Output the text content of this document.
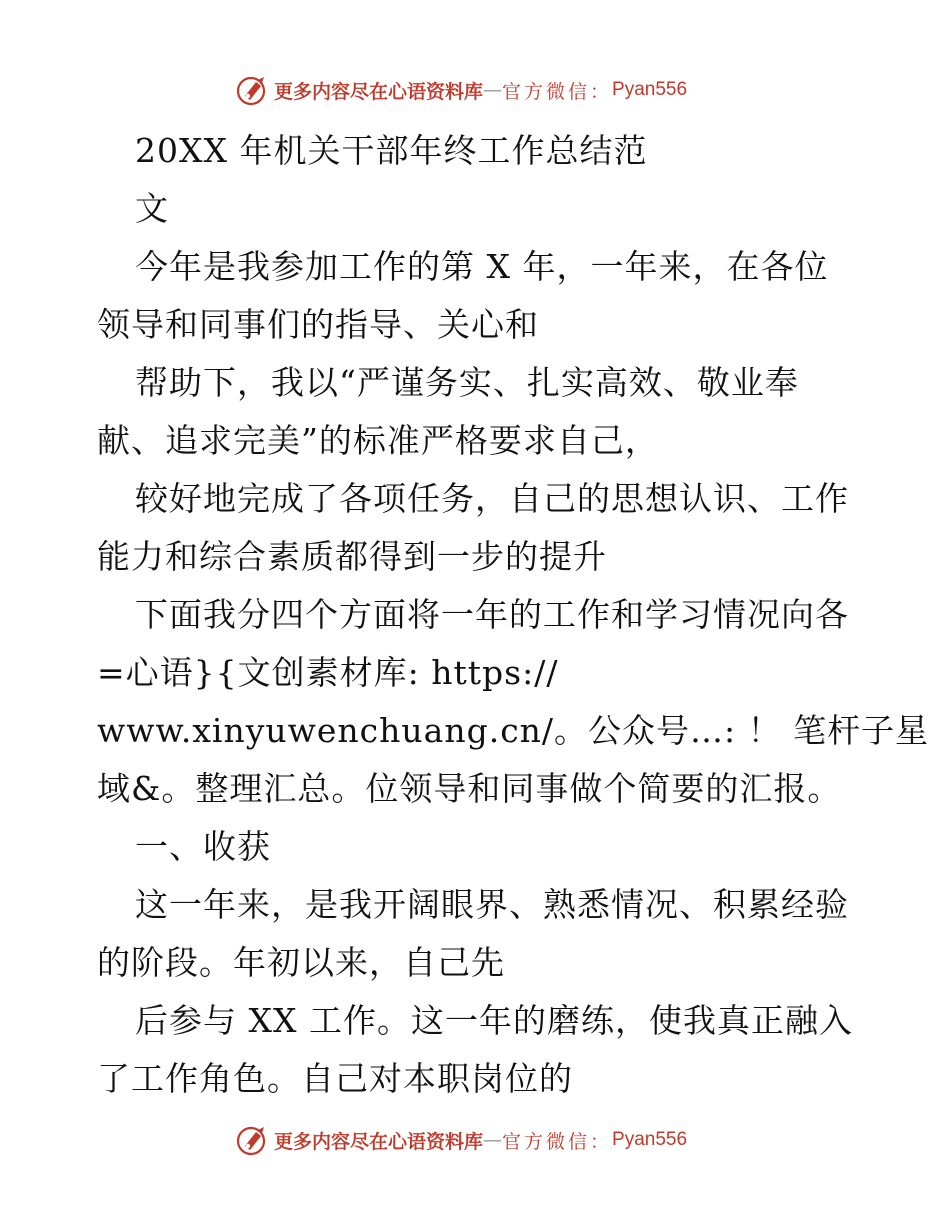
更多内容尽在心语资料库 — 官方微信： Pyan556
20XX 年机关干部年终工作总结范
文
今年是我参加工作的第 X 年，一年来，在各位
领导和同事们的指导、关心和
帮助下，我以“严谨务实、扎实高效、敬业奉
献、追求完美”的标准严格要求自己，
较好地完成了各项任务，自己的思想认识、工作
能力和综合素质都得到一步的提升
下面我分四个方面将一年的工作和学习情况向各
=心语}{文创素材库: https://
www.xinyuwenchuang.cn/。公众号…: ！ 笔杆子星
域&。整理汇总。位领导和同事做个简要的汇报。
一、收获
这一年来，是我开阔眼界、熟悉情况、积累经验
的阶段。年初以来，自己先
后参与 XX 工作。这一年的磨练，使我真正融入
了工作角色。自己对本职岗位的
更多内容尽在心语资料库 — 官方微信： Pyan556
